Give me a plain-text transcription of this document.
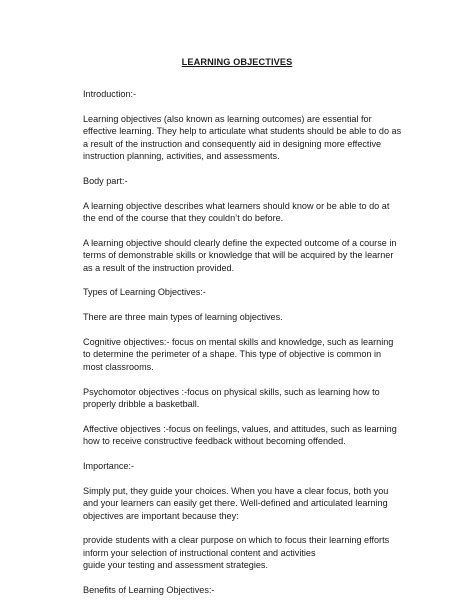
LEARNING OBJECTIVES

Introduction:-

Learning objectives (also known as learning outcomes) are essential for effective learning. They help to articulate what students should be able to do as a result of the instruction and consequently aid in designing more effective instruction planning, activities, and assessments.

Body part:-

A learning objective describes what learners should know or be able to do at the end of the course that they couldn’t do before.

A learning objective should clearly define the expected outcome of a course in terms of demonstrable skills or knowledge that will be acquired by the learner as a result of the instruction provided.

Types of Learning Objectives:-

There are three main types of learning objectives.

Cognitive objectives:- focus on mental skills and knowledge, such as learning to determine the perimeter of a shape. This type of objective is common in most classrooms.

Psychomotor objectives :-focus on physical skills, such as learning how to properly dribble a basketball.

Affective objectives :-focus on feelings, values, and attitudes, such as learning how to receive constructive feedback without becoming offended.

Importance:-

Simply put, they guide your choices. When you have a clear focus, both you and your learners can easily get there. Well-defined and articulated learning objectives are important because they:

provide students with a clear purpose on which to focus their learning efforts

inform your selection of instructional content and activities

guide your testing and assessment strategies.

Benefits of Learning Objectives:-
